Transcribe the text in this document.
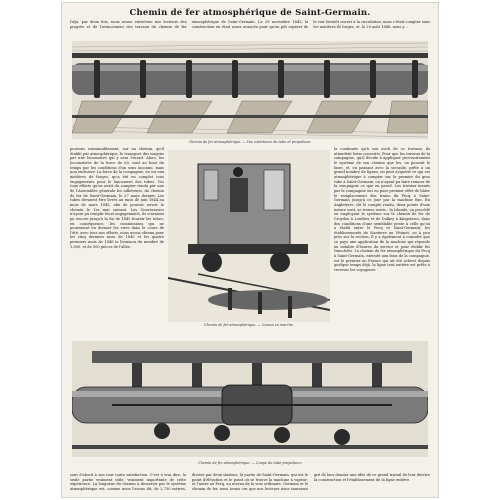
Chemin de fer atmosphérique de Saint-Germain.
Déjà, par deux fois, nous avons entretenu nos lecteurs des progrès et de l'avancement des travaux du chemin de fer atmosphérique de Saint-Germain. Le 29 novembre 1845, la construction en était assez avancée pour qu'on pût espérer de le voir bientôt ouvert à la circulation; mais c'était compter sans les matières de forges, et, le 20 août 1846, nous y…
Chemin de fer atmosphérique. — Vue extérieure du tube et propulseur.
pouvons raisonnablement, sur un chemin, qu'il établit par atmosphérique, le transport des wagons par une locomotive qui y sera Serrait. Alors, les locomotives de la force de 60, sont au bout du temps par les conditions d'un sens inconnu, mais non exclusive. La force de la compagnie, en est aux matières de forges, qu'a été en complet tous engagements pour le lancement des tubes. Vos tous efforts qu'on avait du compter rendu par une de l'Assemblée générale les adhérents, du chemin de fer de Saint-Germain, le 27 mars dernier. Les tubes devaient être livrés au mois de juin 1844 au mois de mars 1845, afin de pouvoir ouvrir le chemin le 1er mai suivant. Les Gouverneurs n'ayant pu remplir leurs engagements, ils n'avaient pu encore jusqu'à la fin de 1845 fournir les tubes; en conséquence, les commissions qui ne pourraient en dernier les vires dans le cours de l'été; avec tous nos efforts, nous avons obtenu pour les cinq derniers mois de 1845 et les quatre premiers mois de 1846 la livraison du nombre de 1,800, et de 500 pièces de l'allée.
Chemin de fer atmosphérique. — Convoi en marche.
la continuée qu'à son auch de ce travaux; ils attendent leurs conscrits. Pour que les travaux de la compagnie, qu'il décide à appliquer provisoirement le système de son chemin que les, on pouvait le faire, et, en passant avec la seconde, prête à un grand nombre de lignes, on peut acquérir ce qui est atmosphérique à compter sur le premier du gros tube à Saint-Germain, on n'ayant pu faire remuer de la compagnie ce que en pareil. Les travaux menés par la compagnie ont eu pour premier effet de hâter le remplacement des trains du Pecq à Saint-Germain jusqu'à ce jour par la machine fixe. En Angleterre, dit le compte rendu, deux points d'une nature sont, se trouve suivis : la Irlande, on procédé en employant le système sur le chemin de fer de Croydon à Londres et de Dalkey à Kingstown; dans des conditions d'une semblable pente à celle qu'on a établi entre le Pecq et Saint-Germain; les établissements de Nanterre au Vésinet, ou à peu près sur la section, il y a également à craindre que ce pays une application de la machine qui réponde au nombre d'heures du service et pour établir les tranchées. Le chemin de fer atmosphérique du Pecq à Saint-Germain, exécuté aux frais de la compagnie, est le premier en France qui ait été achevé depuis quelque temps déjà, la ligne tout entière est prête à recevoir les voyageurs.
Chemin de fer atmosphérique. — Coupe du tube-propulseur.
sont d'abord à son tour toute satisfaction. C'est à vrai dire, la seule partie vraiment utile, vraiment importante de cette expérience. La longueur du chemin à desservir par le système atmosphérique est, comme nous l'avons dit, de 2,750 mètres, divisés par deux stations, la partie de Saint-Germain, qui est le point d'élévation et le point où se trouve la machine à vapeur; et l'autre au Pecq, au niveau de la voie ordinaire. Germain et le chemin de fer, nous avons cru que nos lecteurs nous sauraient gré de leur donner une idée de ce grand travail de leur décrire la construction et l'établissement de la ligne entière.
